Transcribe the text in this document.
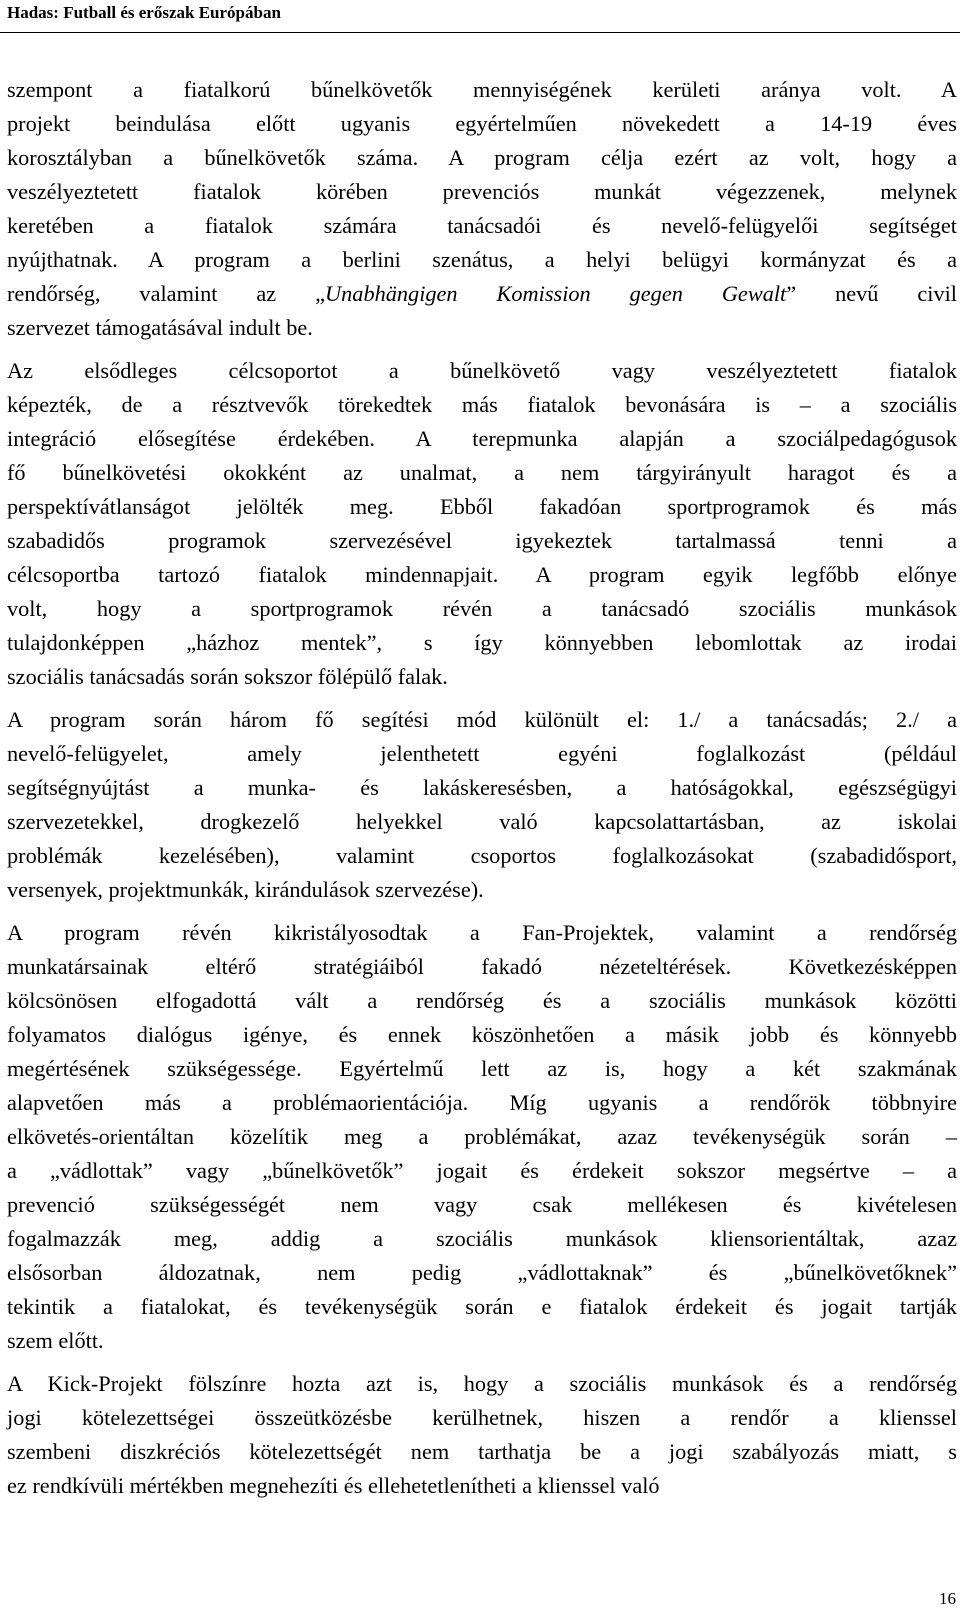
Hadas: Futball és erőszak Európában
szempont a fiatalkorú bűnelkövetők mennyiségének kerületi aránya volt. A
projekt beindulása előtt ugyanis egyértelműen növekedett a 14-19 éves
korosztályban a bűnelkövetők száma. A program célja ezért az volt, hogy a
veszélyeztetett fiatalok körében prevenciós munkát végezzenek, melynek
keretében a fiatalok számára tanácsadói és nevelő-felügyelői segítséget
nyújthatnak. A program a berlini szenátus, a helyi belügyi kormányzat és a
rendőrség, valamint az „Unabhängigen Komission gegen Gewalt” nevű civil
szervezet támogatásával indult be.
Az elsődleges célcsoportot a bűnelkövető vagy veszélyeztetett fiatalok
képezték, de a résztvevők törekedtek más fiatalok bevonására is – a szociális
integráció elősegítése érdekében. A terepmunka alapján a szociálpedagógusok
fő bűnelkövetési okokként az unalmat, a nem tárgyirányult haragot és a
perspektívátlanságot jelölték meg. Ebből fakadóan sportprogramok és más
szabadidős programok szervezésével igyekeztek tartalmassá tenni a
célcsoportba tartozó fiatalok mindennapjait. A program egyik legfőbb előnye
volt, hogy a sportprogramok révén a tanácsadó szociális munkások
tulajdonképpen „házhoz mentek”, s így könnyebben lebomlottak az irodai
szociális tanácsadás során sokszor fölépülő falak.
A program során három fő segítési mód különült el: 1./ a tanácsadás; 2./ a
nevelő-felügyelet, amely jelenthetett egyéni foglalkozást (például
segítségnyújtást a munka- és lakáskeresésben, a hatóságokkal, egészségügyi
szervezetekkel, drogkezelő helyekkel való kapcsolattartásban, az iskolai
problémák kezelésében), valamint csoportos foglalkozásokat (szabadidősport,
versenyek, projektmunkák, kirándulások szervezése).
A program révén kikristályosodtak a Fan-Projektek, valamint a rendőrség
munkatársainak eltérő stratégiáiból fakadó nézeteltérések. Következésképpen
kölcsönösen elfogadottá vált a rendőrség és a szociális munkások közötti
folyamatos dialógus igénye, és ennek köszönhetően a másik jobb és könnyebb
megértésének szükségessége. Egyértelmű lett az is, hogy a két szakmának
alapvetően más a problémaorientációja. Míg ugyanis a rendőrök többnyire
elkövetés-orientáltan közelítik meg a problémákat, azaz tevékenységük során –
a „vádlottak” vagy „bűnelkövetők” jogait és érdekeit sokszor megsértve – a
prevenció szükségességét nem vagy csak mellékesen és kivételesen
fogalmazzák meg, addig a szociális munkások kliensorientáltak, azaz
elsősorban áldozatnak, nem pedig „vádlottaknak” és „bűnelkövetőknek”
tekintik a fiatalokat, és tevékenységük során e fiatalok érdekeit és jogait tartják
szem előtt.
A Kick-Projekt fölszínre hozta azt is, hogy a szociális munkások és a rendőrség
jogi kötelezettségei összeütközésbe kerülhetnek, hiszen a rendőr a klienssel
szembeni diszkréciós kötelezettségét nem tarthatja be a jogi szabályozás miatt, s
ez rendkívüli mértékben megnehezíti és ellehetetlenítheti a klienssel való
16
